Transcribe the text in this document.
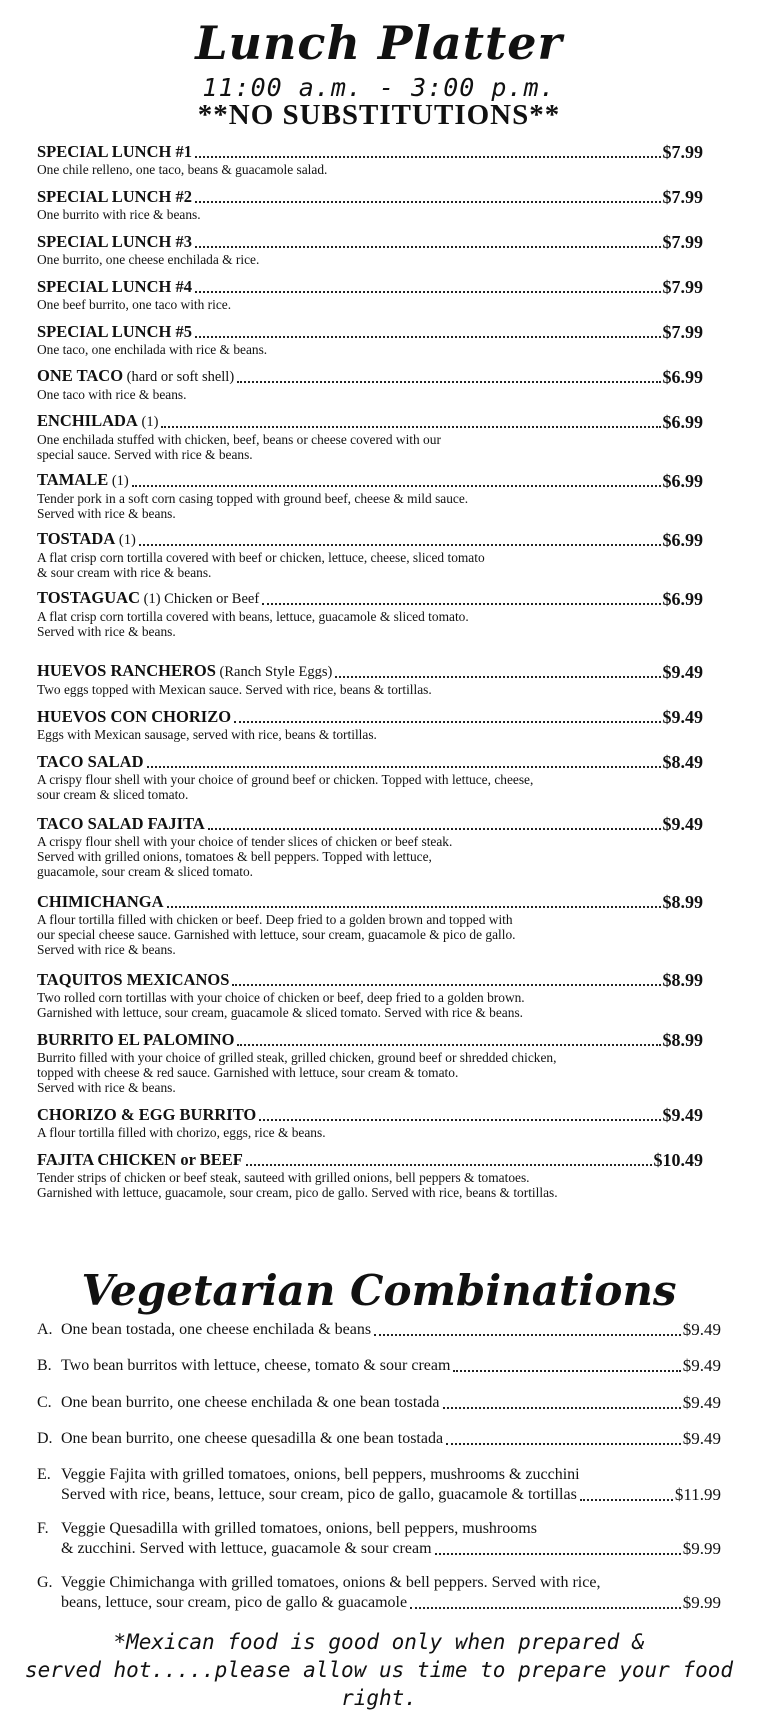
Lunch Platter
11:00 a.m. - 3:00 p.m.
**NO SUBSTITUTIONS**
SPECIAL LUNCH #1	$7.99
One chile relleno, one taco, beans & guacamole salad.
SPECIAL LUNCH #2	$7.99
One burrito with rice & beans.
SPECIAL LUNCH #3	$7.99
One burrito, one cheese enchilada & rice.
SPECIAL LUNCH #4	$7.99
One beef burrito, one taco with rice.
SPECIAL LUNCH #5	$7.99
One taco, one enchilada with rice & beans.
ONE TACO (hard or soft shell)	$6.99
One taco with rice & beans.
ENCHILADA (1)	$6.99
One enchilada stuffed with chicken, beef, beans or cheese covered with our
special sauce. Served with rice & beans.
TAMALE (1)	$6.99
Tender pork in a soft corn casing topped with ground beef, cheese & mild sauce.
Served with rice & beans.
TOSTADA (1)	$6.99
A flat crisp corn tortilla covered with beef or chicken, lettuce, cheese, sliced tomato
& sour cream with rice & beans.
TOSTAGUAC (1) Chicken or Beef	$6.99
A flat crisp corn tortilla covered with beans, lettuce, guacamole & sliced tomato.
Served with rice & beans.
HUEVOS RANCHEROS (Ranch Style Eggs)	$9.49
Two eggs topped with Mexican sauce. Served with rice, beans & tortillas.
HUEVOS CON CHORIZO	$9.49
Eggs with Mexican sausage, served with rice, beans & tortillas.
TACO SALAD	$8.49
A crispy flour shell with your choice of ground beef or chicken. Topped with lettuce, cheese,
sour cream & sliced tomato.
TACO SALAD FAJITA	$9.49
A crispy flour shell with your choice of tender slices of chicken or beef steak.
Served with grilled onions, tomatoes & bell peppers. Topped with lettuce,
guacamole, sour cream & sliced tomato.
CHIMICHANGA	$8.99
A flour tortilla filled with chicken or beef. Deep fried to a golden brown and topped with
our special cheese sauce. Garnished with lettuce, sour cream, guacamole & pico de gallo.
Served with rice & beans.
TAQUITOS MEXICANOS	$8.99
Two rolled corn tortillas with your choice of chicken or beef, deep fried to a golden brown.
Garnished with lettuce, sour cream, guacamole & sliced tomato. Served with rice & beans.
BURRITO EL PALOMINO	$8.99
Burrito filled with your choice of grilled steak, grilled chicken, ground beef or shredded chicken,
topped with cheese & red sauce. Garnished with lettuce, sour cream & tomato.
Served with rice & beans.
CHORIZO & EGG BURRITO	$9.49
A flour tortilla filled with chorizo, eggs, rice & beans.
FAJITA CHICKEN or BEEF	$10.49
Tender strips of chicken or beef steak, sauteed with grilled onions, bell peppers & tomatoes.
Garnished with lettuce, guacamole, sour cream, pico de gallo. Served with rice, beans & tortillas.
Vegetarian Combinations
A. One bean tostada, one cheese enchilada & beans	$9.49
B. Two bean burritos with lettuce, cheese, tomato & sour cream	$9.49
C. One bean burrito, one cheese enchilada & one bean tostada	$9.49
D. One bean burrito, one cheese quesadilla & one bean tostada	$9.49
E. Veggie Fajita with grilled tomatoes, onions, bell peppers, mushrooms & zucchini
Served with rice, beans, lettuce, sour cream, pico de gallo, guacamole & tortillas	$11.99
F. Veggie Quesadilla with grilled tomatoes, onions, bell peppers, mushrooms
& zucchini. Served with lettuce, guacamole & sour cream	$9.99
G. Veggie Chimichanga with grilled tomatoes, onions & bell peppers. Served with rice,
beans, lettuce, sour cream, pico de gallo & guacamole	$9.99
*Mexican food is good only when prepared &
served hot.....please allow us time to prepare your food right.
